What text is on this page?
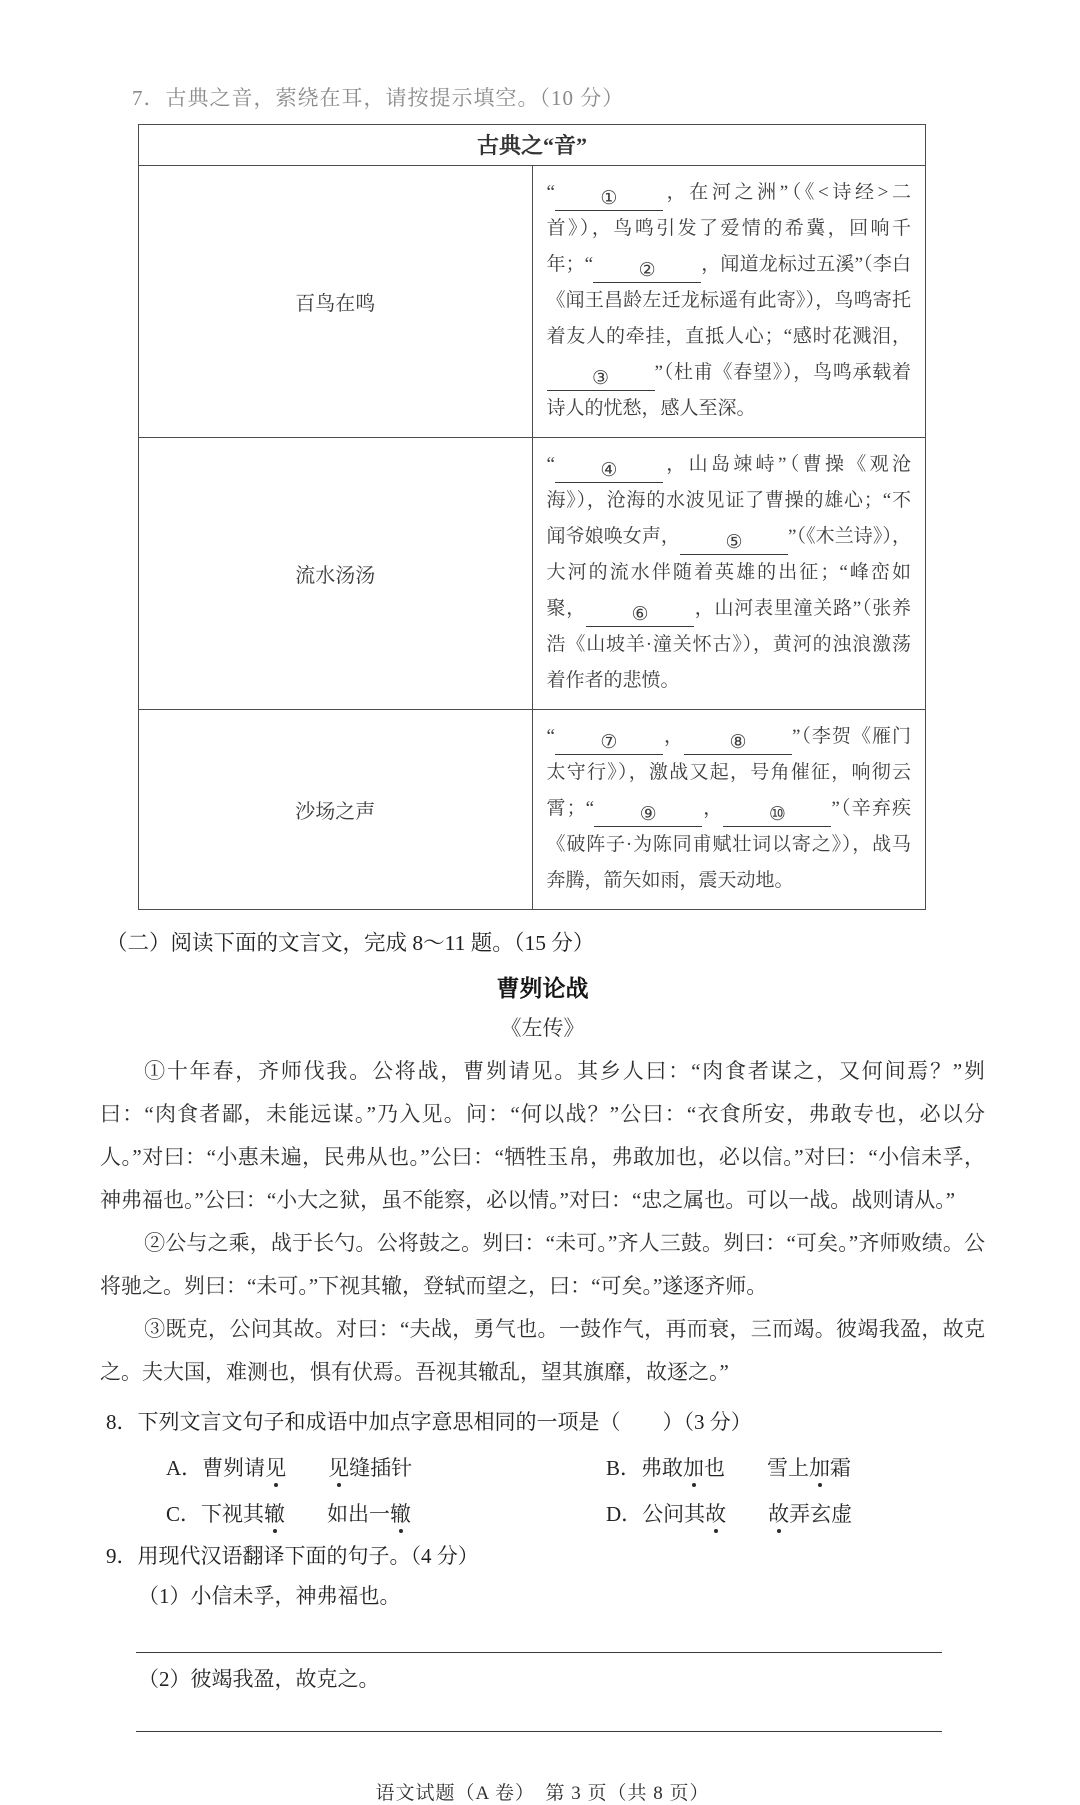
7．古典之音，萦绕在耳，请按提示填空。（10 分）
古典之“音”	
百鸟在鸣	“ ① ，在河之洲”（《<诗经>二首》），鸟鸣引发了爱情的希冀，回响千年；“ ② ，闻道龙标过五溪”（李白《闻王昌龄左迁龙标遥有此寄》），鸟鸣寄托着友人的牵挂，直抵人心；“感时花溅泪，③ ”（杜甫《春望》），鸟鸣承载着诗人的忧愁，感人至深。
流水汤汤	“ ④ ，山岛竦峙”（曹操《观沧海》），沧海的水波见证了曹操的雄心；“不闻爷娘唤女声， ⑤ ”（《木兰诗》），大河的流水伴随着英雄的出征；“峰峦如聚， ⑥ ，山河表里潼关路”（张养浩《山坡羊·潼关怀古》），黄河的浊浪激荡着作者的悲愤。
沙场之声	“ ⑦ ， ⑧ ”（李贺《雁门太守行》），激战又起，号角催征，响彻云霄；“ ⑨ ， ⑩ ”（辛弃疾《破阵子·为陈同甫赋壮词以寄之》），战马奔腾，箭矢如雨，震天动地。
（二）阅读下面的文言文，完成 8～11 题。（15 分）
曹刿论战
《左传》

①十年春，齐师伐我。公将战，曹刿请见。其乡人曰：“肉食者谋之，又何间焉？”刿曰：“肉食者鄙，未能远谋。”乃入见。问：“何以战？”公曰：“衣食所安，弗敢专也，必以分人。”对曰：“小惠未遍，民弗从也。”公曰：“牺牲玉帛，弗敢加也，必以信。”对曰：“小信未孚，神弗福也。”公曰：“小大之狱，虽不能察，必以情。”对曰：“忠之属也。可以一战。战则请从。”

②公与之乘，战于长勺。公将鼓之。刿曰：“未可。”齐人三鼓。刿曰：“可矣。”齐师败绩。公将驰之。刿曰：“未可。”下视其辙，登轼而望之，曰：“可矣。”遂逐齐师。

③既克，公问其故。对曰：“夫战，勇气也。一鼓作气，再而衰，三而竭。彼竭我盈，故克之。夫大国，难测也，惧有伏焉。吾视其辙乱，望其旗靡，故逐之。”

8．下列文言文句子和成语中加点字意思相同的一项是（　　）（3 分）
A．曹刿请见　　 见缝插针	B．弗敢加也　　雪上加霜
C．下视其辙　　如出一辙	D．公问其故　　 故弄玄虚
9．用现代汉语翻译下面的句子。（4 分）
（1）小信未孚，神弗福也。
（2）彼竭我盈，故克之。
语文试题（A 卷）　第 3 页（共 8 页）
